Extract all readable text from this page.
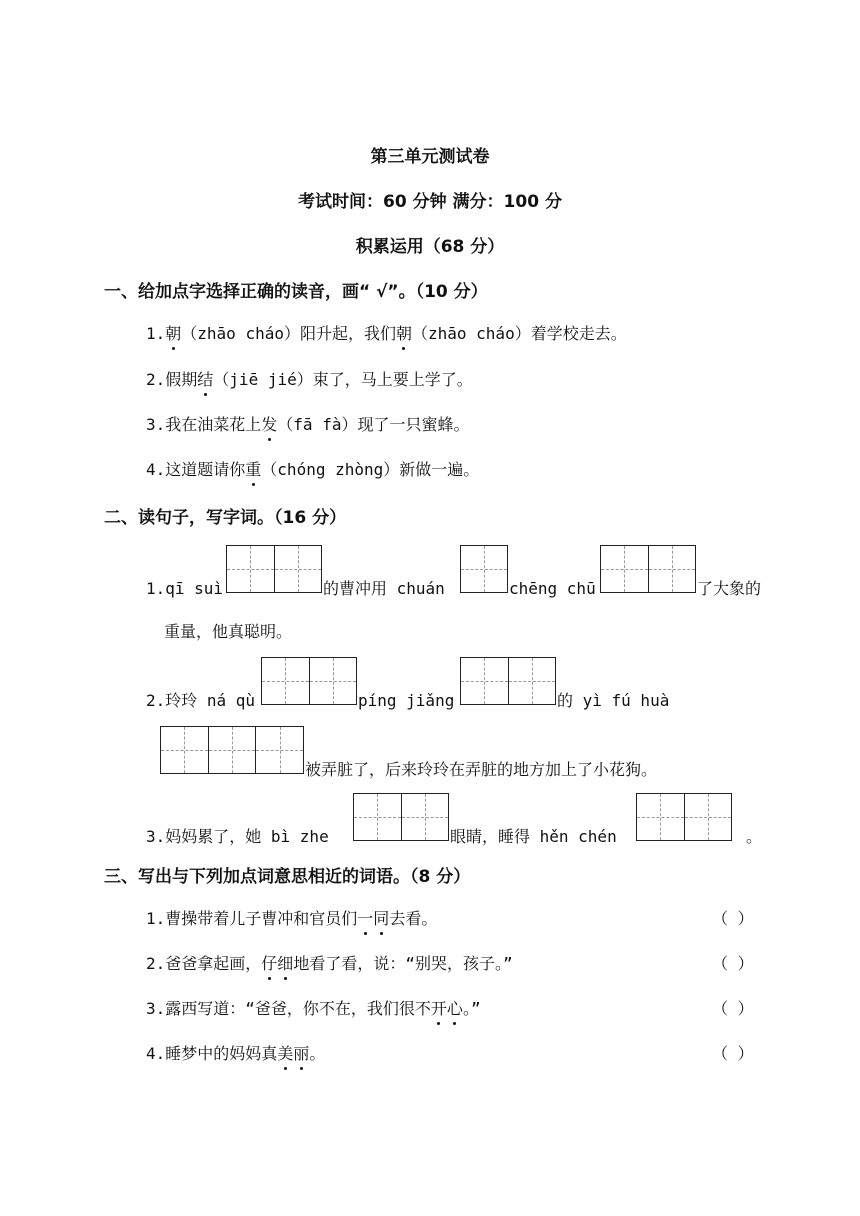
第三单元测试卷
考试时间：60 分钟 满分：100 分
积累运用（68 分）
一、给加点字选择正确的读音，画“ √”。（10 分）
1.朝（zhāo cháo）阳升起，我们朝（zhāo cháo）着学校走去。
2.假期结（jiē jié）束了，马上要上学了。
3.我在油菜花上发（fā fà）现了一只蜜蜂。
4.这道题请你重（chóng zhòng）新做一遍。
二、读句子，写字词。（16 分）
1.qī suì	的曹冲用 chuán	chēng chū	了大象的
重量，他真聪明。
2.玲玲 ná qù	píng jiǎng	的 yì fú huà
被弄脏了，后来玲玲在弄脏的地方加上了小花狗。
3.妈妈累了，她 bì zhe	眼睛，睡得 hěn chén	。
三、写出与下列加点词意思相近的词语。（8 分）
1.曹操带着儿子曹冲和官员们一同去看。	（ ）
2.爸爸拿起画，仔细地看了看，说：“别哭，孩子。”	（ ）
3.露西写道：“爸爸，你不在，我们很不开心。”	（ ）
4.睡梦中的妈妈真美丽。	（ ）
